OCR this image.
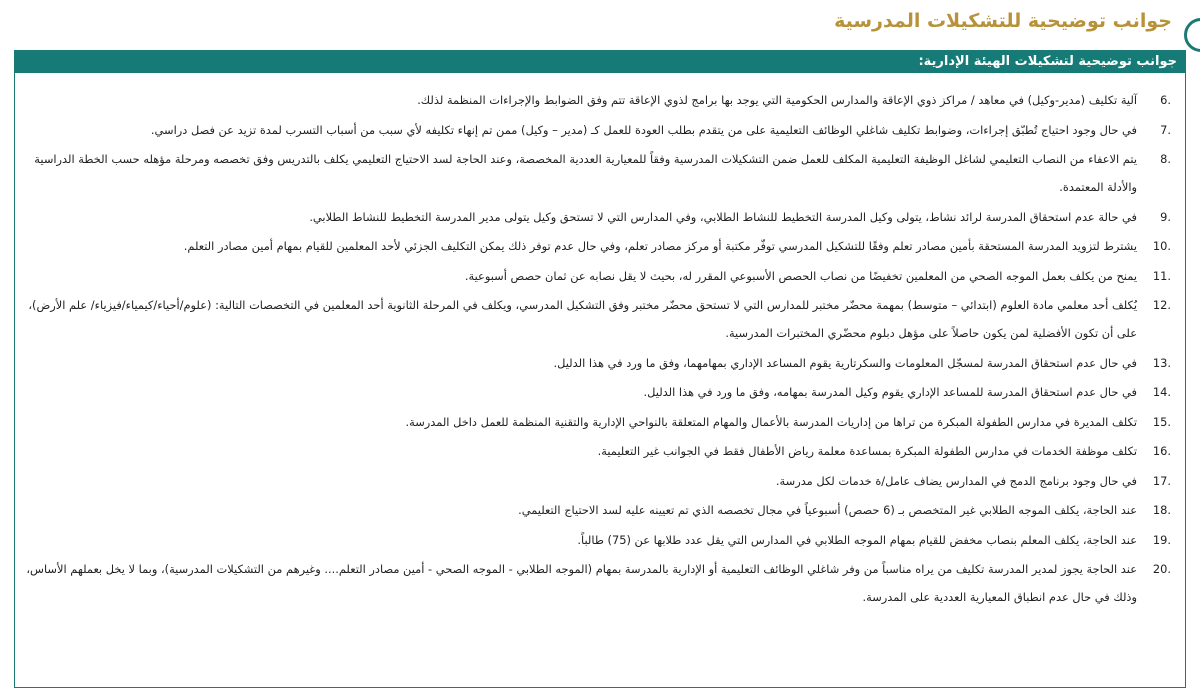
جوانب توضيحية للتشكيلات المدرسية
جوانب توضيحية لتشكيلات الهيئة الإدارية:
.6
آلية تكليف (مدير-وكيل) في معاهد / مراكز ذوي الإعاقة والمدارس الحكومية التي يوجد بها برامج لذوي الإعاقة تتم وفق الضوابط والإجراءات المنظمة لذلك.
.7
في حال وجود احتياج تُطبّق إجراءات، وضوابط تكليف شاغلي الوظائف التعليمية على من يتقدم بطلب العودة للعمل كـ (مدير – وكيل) ممن تم إنهاء تكليفه لأي سبب من أسباب التسرب لمدة تزيد عن فصل دراسي.
.8
يتم الاعفاء من النصاب التعليمي لشاغل الوظيفة التعليمية المكلف للعمل ضمن التشكيلات المدرسية وفقاً للمعيارية العددية المخصصة، وعند الحاجة لسد الاحتياج التعليمي يكلف بالتدريس وفق تخصصه ومرحلة مؤهله حسب الخطة الدراسية والأدلة المعتمدة.
.9
في حالة عدم استحقاق المدرسة لرائد نشاط، يتولى وكيل المدرسة التخطيط للنشاط الطلابي، وفي المدارس التي لا تستحق وكيل يتولى مدير المدرسة التخطيط للنشاط الطلابي.
.10
يشترط لتزويد المدرسة المستحقة بأمين مصادر تعلم وفقًا للتشكيل المدرسي توفّر مكتبة أو مركز مصادر تعلم، وفي حال عدم توفر ذلك يمكن التكليف الجزئي لأحد المعلمين للقيام بمهام أمين مصادر التعلم.
.11
يمنح من يكلف بعمل الموجه الصحي من المعلمين تخفيضًا من نصاب الحصص الأسبوعي المقرر له، بحيث لا يقل نصابه عن ثمان حصص أسبوعية.
.12
يُكلف أحد معلمي مادة العلوم (ابتدائي – متوسط) بمهمة محضّر مختبر للمدارس التي لا تستحق محضّر مختبر وفق التشكيل المدرسي، ويكلف في المرحلة الثانوية أحد المعلمين في التخصصات التالية: (علوم/أحياء/كيمياء/فيزياء/ علم الأرض)، على أن تكون الأفضلية لمن يكون حاصلاً على مؤهل دبلوم محضّري المختبرات المدرسية.
.13
في حال عدم استحقاق المدرسة لمسجّل المعلومات والسكرتارية يقوم المساعد الإداري بمهامهما، وفق ما ورد في هذا الدليل.
.14
في حال عدم استحقاق المدرسة للمساعد الإداري يقوم وكيل المدرسة بمهامه، وفق ما ورد في هذا الدليل.
.15
تكلف المديرة في مدارس الطفولة المبكرة من تراها من إداريات المدرسة بالأعمال والمهام المتعلقة بالنواحي الإدارية والتقنية المنظمة للعمل داخل المدرسة.
.16
تكلف موظفة الخدمات في مدارس الطفولة المبكرة بمساعدة معلمة رياض الأطفال فقط في الجوانب غير التعليمية.
.17
في حال وجود برنامج الدمج في المدارس يضاف عامل/ة خدمات لكل مدرسة.
.18
عند الحاجة، يكلف الموجه الطلابي غير المتخصص بـ (6 حصص) أسبوعياً في مجال تخصصه الذي تم تعيينه عليه لسد الاحتياج التعليمي.
.19
عند الحاجة، يكلف المعلم بنصاب مخفض للقيام بمهام الموجه الطلابي في المدارس التي يقل عدد طلابها عن (75) طالباً.
.20
عند الحاجة يجوز لمدير المدرسة تكليف من يراه مناسباً من وفر شاغلي الوظائف التعليمية أو الإدارية بالمدرسة بمهام (الموجه الطلابي - الموجه الصحي - أمين مصادر التعلم.... وغيرهم من التشكيلات المدرسية)، وبما لا يخل بعملهم الأساس، وذلك في حال عدم انطباق المعيارية العددية على المدرسة.
